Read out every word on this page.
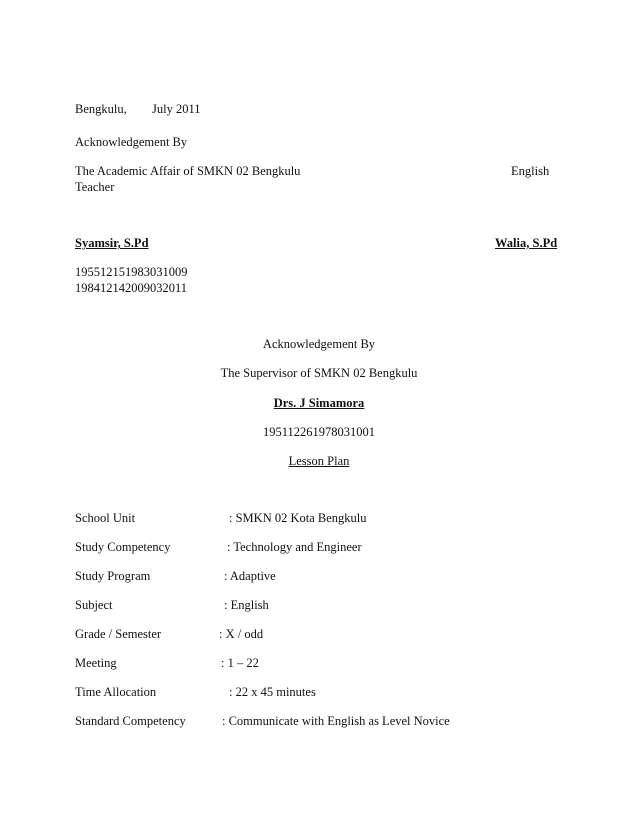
Bengkulu, July 2011
Acknowledgement By
The Academic Affair of SMKN 02 Bengkulu	English
Teacher
Syamsir, S.Pd	Walia, S.Pd
195512151983031009
198412142009032011
Acknowledgement By
The Supervisor of SMKN 02 Bengkulu
Drs. J Simamora
195112261978031001
Lesson Plan
School Unit	: SMKN 02 Kota Bengkulu
Study Competency	: Technology and Engineer
Study Program	: Adaptive
Subject	: English
Grade / Semester	: X / odd
Meeting	: 1 – 22
Time Allocation	: 22 x 45 minutes
Standard Competency	: Communicate with English as Level Novice
